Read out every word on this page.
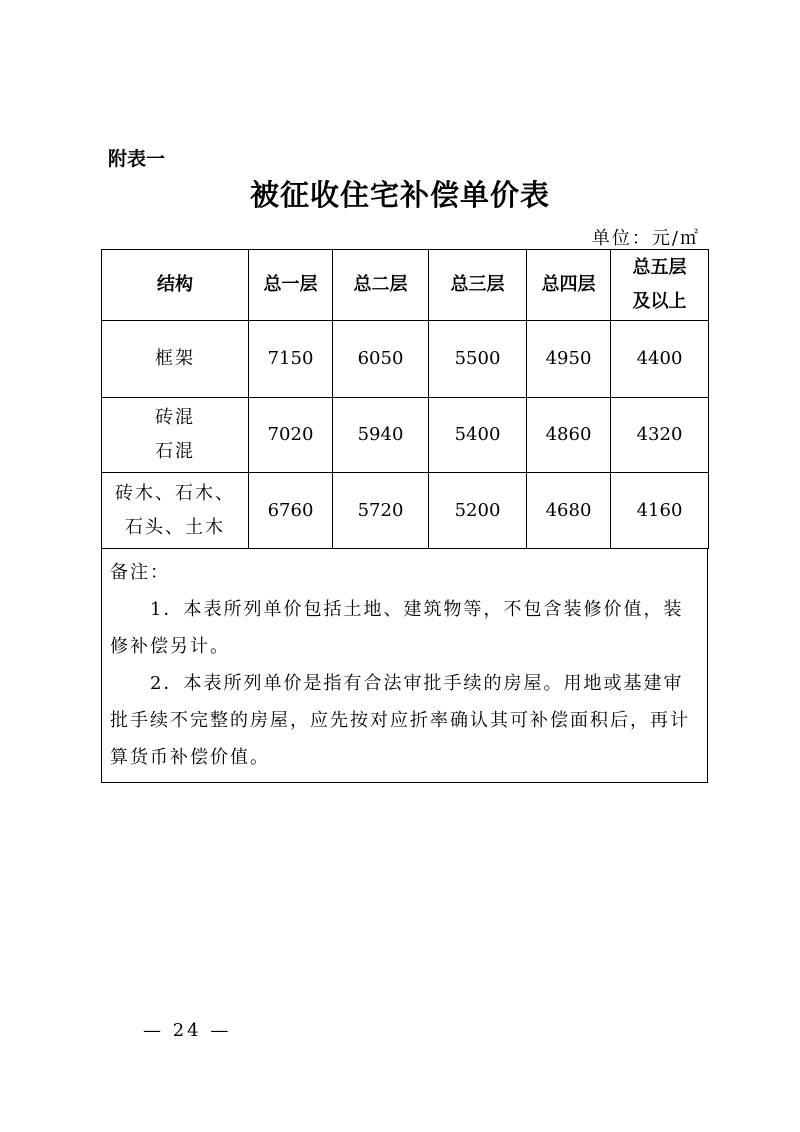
附表一
被征收住宅补偿单价表
单位：元/㎡
结构	总一层	总二层	总三层	总四层	总五层
及以上

框架	7150	6050	5500	4950	4400

砖混
石混	7020	5940	5400	4860	4320

砖木、石木、
石头、土木	6760	5720	5200	4680	4160

备注：

1．本表所列单价包括土地、建筑物等，不包含装修价值，装修补偿另计。

2．本表所列单价是指有合法审批手续的房屋。用地或基建审批手续不完整的房屋，应先按对应折率确认其可补偿面积后，再计算货币补偿价值。

— 24 —
